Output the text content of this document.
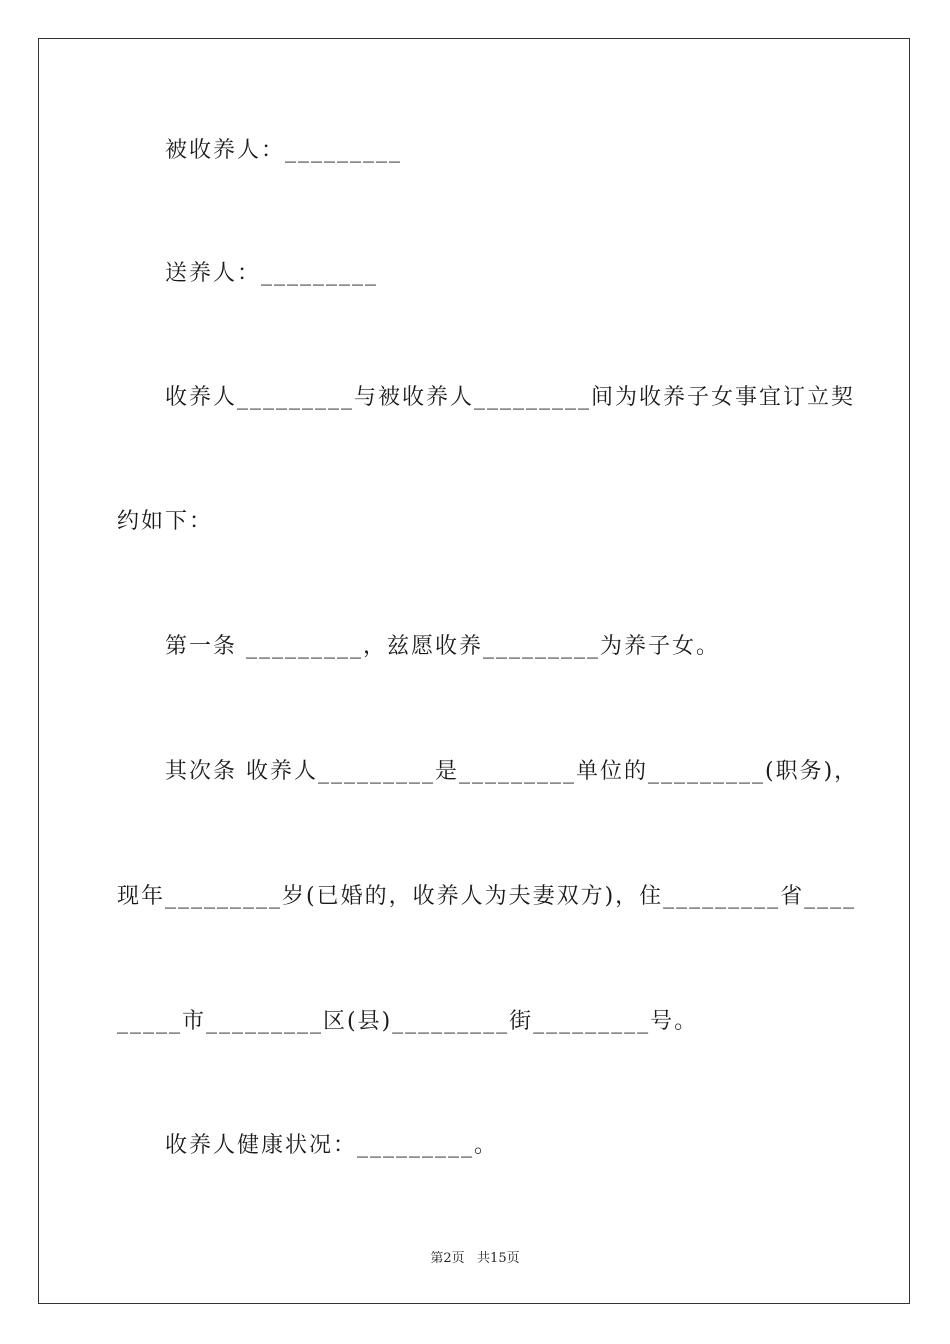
被收养人：_________

送养人：_________

收养人_________与被收养人_________间为收养子女事宜订立契

约如下：

第一条 _________，兹愿收养_________为养子女。

其次条 收养人_________是_________单位的_________(职务)，

现年_________岁(已婚的，收养人为夫妻双方)，住_________省____

_____市_________区(县)_________街_________号。

收养人健康状况：_________。

第2页   共15页
